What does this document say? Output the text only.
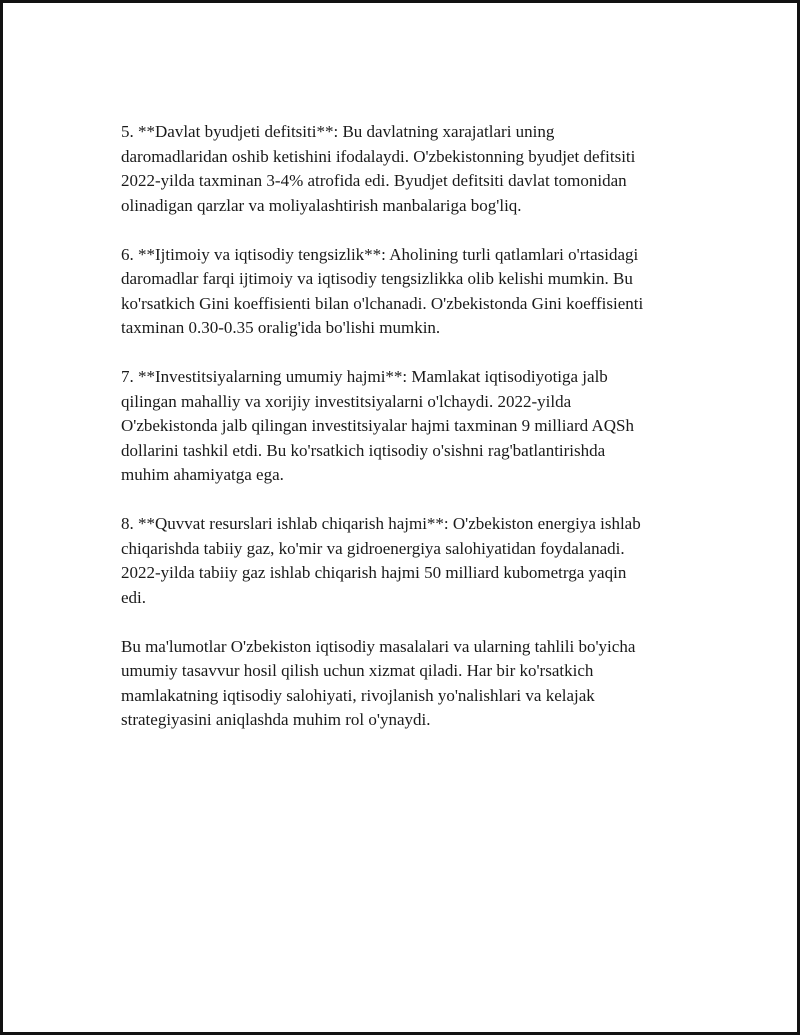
5. **Davlat byudjeti defitsiti**: Bu davlatning xarajatlari uning
daromadlaridan oshib ketishini ifodalaydi. O'zbekistonning byudjet defitsiti
2022-yilda taxminan 3-4% atrofida edi. Byudjet defitsiti davlat tomonidan
olinadigan qarzlar va moliyalashtirish manbalariga bog'liq.

6. **Ijtimoiy va iqtisodiy tengsizlik**: Aholining turli qatlamlari o'rtasidagi
daromadlar farqi ijtimoiy va iqtisodiy tengsizlikka olib kelishi mumkin. Bu
ko'rsatkich Gini koeffisienti bilan o'lchanadi. O'zbekistonda Gini koeffisienti
taxminan 0.30-0.35 oralig'ida bo'lishi mumkin.

7. **Investitsiyalarning umumiy hajmi**: Mamlakat iqtisodiyotiga jalb
qilingan mahalliy va xorijiy investitsiyalarni o'lchaydi. 2022-yilda
O'zbekistonda jalb qilingan investitsiyalar hajmi taxminan 9 milliard AQSh
dollarini tashkil etdi. Bu ko'rsatkich iqtisodiy o'sishni rag'batlantirishda
muhim ahamiyatga ega.

8. **Quvvat resurslari ishlab chiqarish hajmi**: O'zbekiston energiya ishlab
chiqarishda tabiiy gaz, ko'mir va gidroenergiya salohiyatidan foydalanadi.
2022-yilda tabiiy gaz ishlab chiqarish hajmi 50 milliard kubometrga yaqin
edi.

Bu ma'lumotlar O'zbekiston iqtisodiy masalalari va ularning tahlili bo'yicha
umumiy tasavvur hosil qilish uchun xizmat qiladi. Har bir ko'rsatkich
mamlakatning iqtisodiy salohiyati, rivojlanish yo'nalishlari va kelajak
strategiyasini aniqlashda muhim rol o'ynaydi.
